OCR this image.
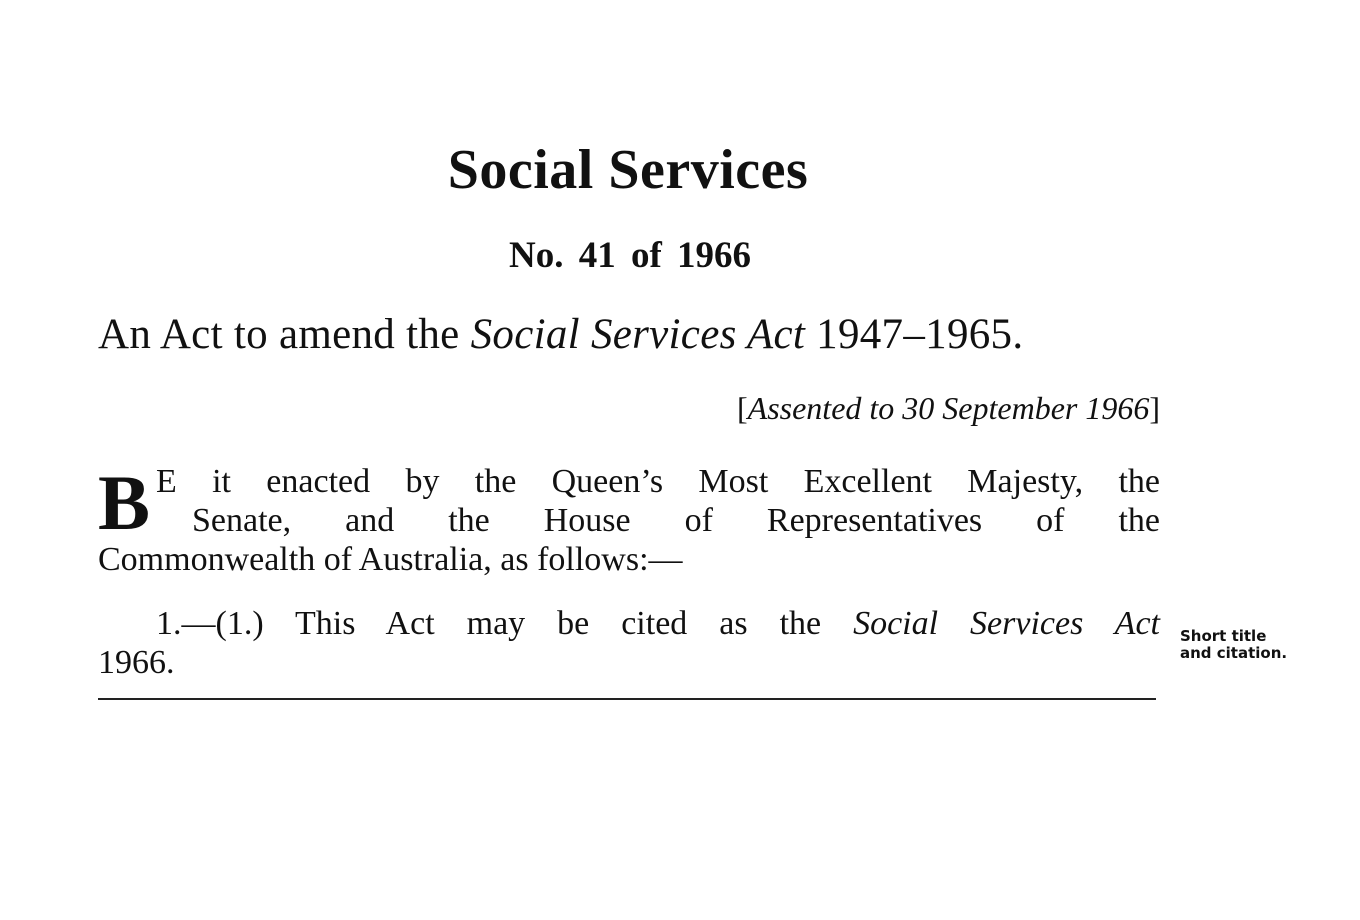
Social Services
No. 41 of 1966
An Act to amend the Social Services Act 1947–1965.
[Assented to 30 September 1966]
B E it enacted by the Queen’s Most Excellent Majesty, the
Senate, and the House of Representatives of the
Commonwealth of Australia, as follows:—
1.—(1.) This Act may be cited as the Social Services Act
1966.
Short title
and citation.
